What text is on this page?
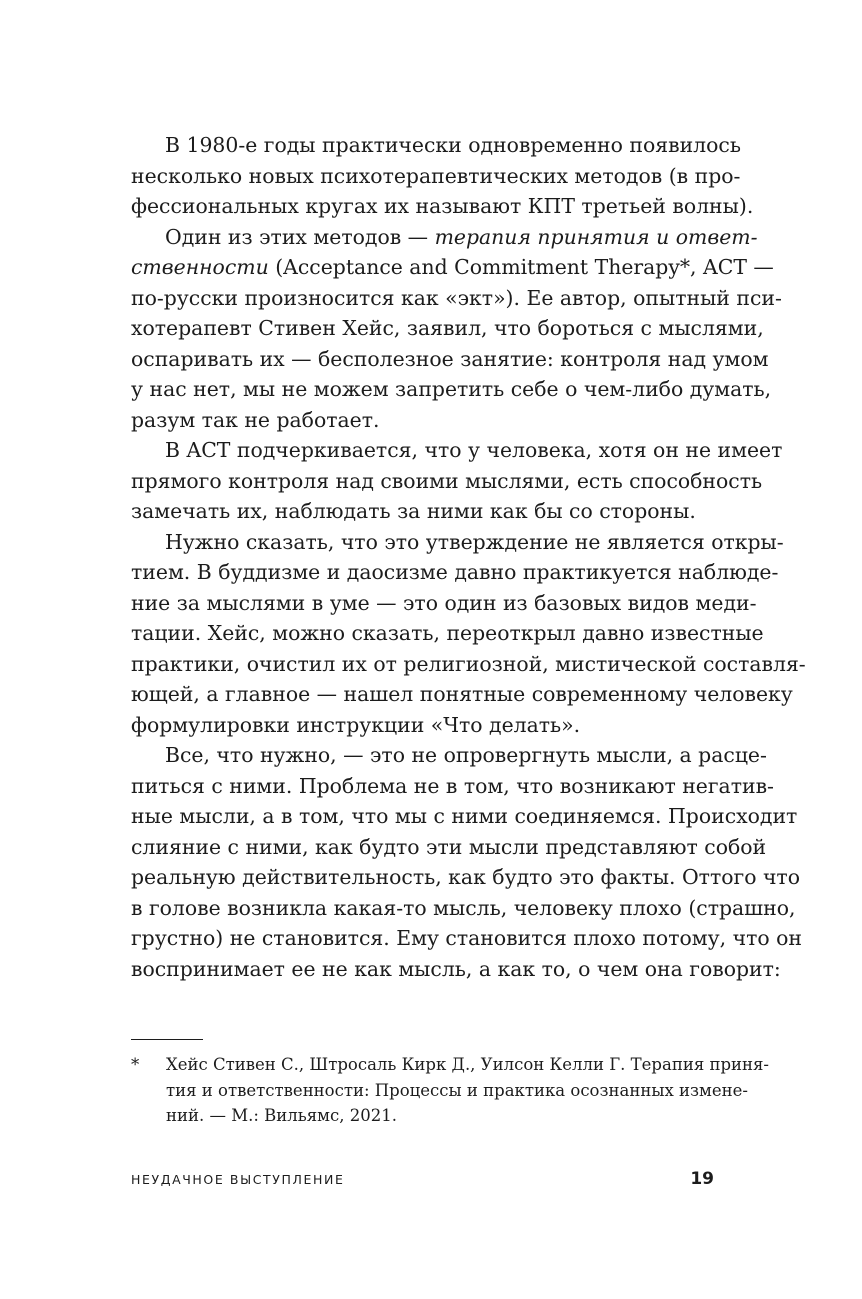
В 1980-е годы практически одновременно появилось
несколько новых психотерапевтических методов (в про-
фессиональных кругах их называют КПТ третьей волны).
Один из этих методов — терапия принятия и ответ-
ственности (Acceptance and Commitment Therapy*, ACT —
по-русски произносится как «экт»). Ее автор, опытный пси-
хотерапевт Стивен Хейс, заявил, что бороться с мыслями,
оспаривать их — бесполезное занятие: контроля над умом
у нас нет, мы не можем запретить себе о чем-либо думать,
разум так не работает.
В ACT подчеркивается, что у человека, хотя он не имеет
прямого контроля над своими мыслями, есть способность
замечать их, наблюдать за ними как бы со стороны.
Нужно сказать, что это утверждение не является откры-
тием. В буддизме и даосизме давно практикуется наблюде-
ние за мыслями в уме — это один из базовых видов меди-
тации. Хейс, можно сказать, переоткрыл давно известные
практики, очистил их от религиозной, мистической составля-
ющей, а главное — нашел понятные современному человеку
формулировки инструкции «Что делать».
Все, что нужно, — это не опровергнуть мысли, а расце-
питься с ними. Проблема не в том, что возникают негатив-
ные мысли, а в том, что мы с ними соединяемся. Происходит
слияние с ними, как будто эти мысли представляют собой
реальную действительность, как будто это факты. Оттого что
в голове возникла какая-то мысль, человеку плохо (страшно,
грустно) не становится. Ему становится плохо потому, что он
воспринимает ее не как мысль, а как то, о чем она говорит:
* Хейс Стивен С., Штросаль Кирк Д., Уилсон Келли Г. Терапия приня-
тия и ответственности: Процессы и практика осознанных измене-
ний. — М.: Вильямс, 2021.
НЕУДАЧНОЕ ВЫСТУПЛЕНИЕ	19
